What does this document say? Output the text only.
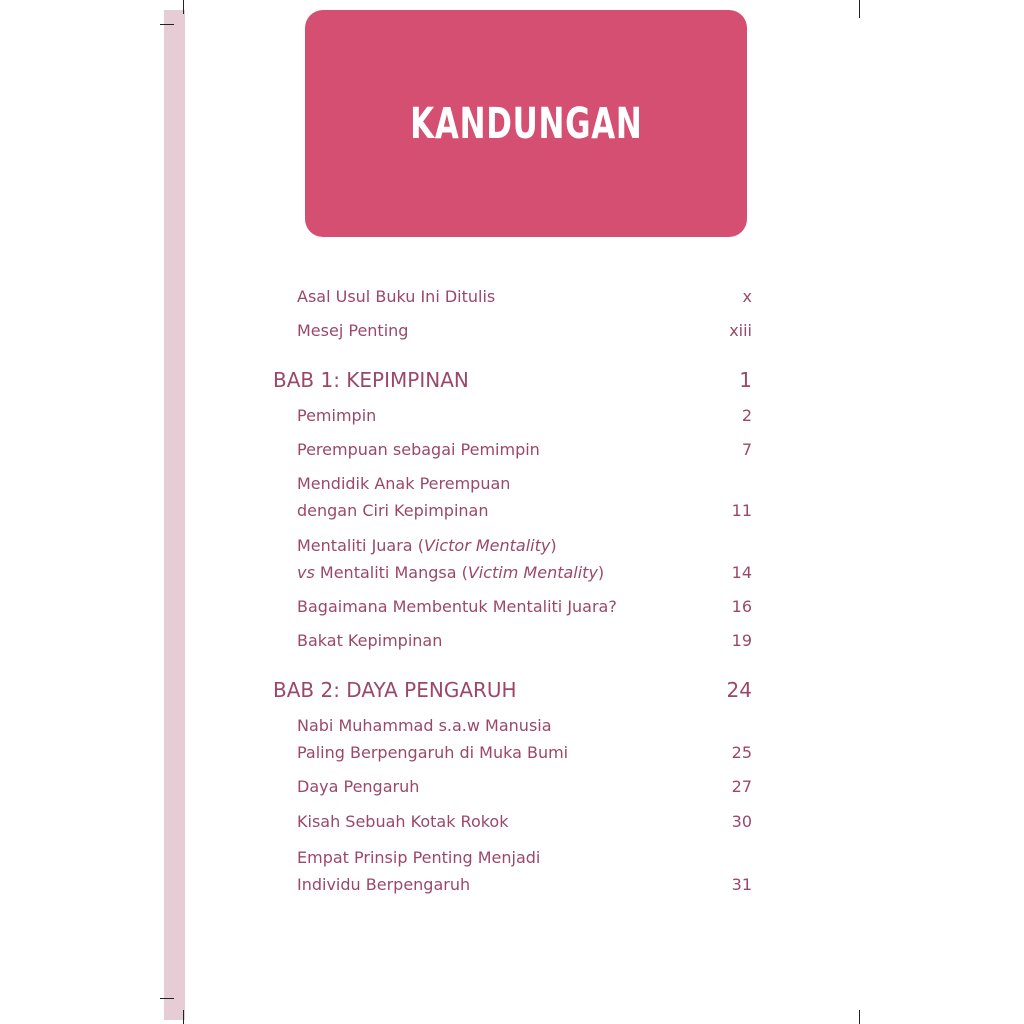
KANDUNGAN
Asal Usul Buku Ini Ditulis	x
Mesej Penting	xiii
BAB 1: KEPIMPINAN	1
Pemimpin	2
Perempuan sebagai Pemimpin	7
Mendidik Anak Perempuan
dengan Ciri Kepimpinan	11
Mentaliti Juara (Victor Mentality)
vs Mentaliti Mangsa (Victim Mentality)	14
Bagaimana Membentuk Mentaliti Juara?	16
Bakat Kepimpinan	19
BAB 2: DAYA PENGARUH	24
Nabi Muhammad s.a.w Manusia
Paling Berpengaruh di Muka Bumi	25
Daya Pengaruh	27
Kisah Sebuah Kotak Rokok	30
Empat Prinsip Penting Menjadi
Individu Berpengaruh	31
